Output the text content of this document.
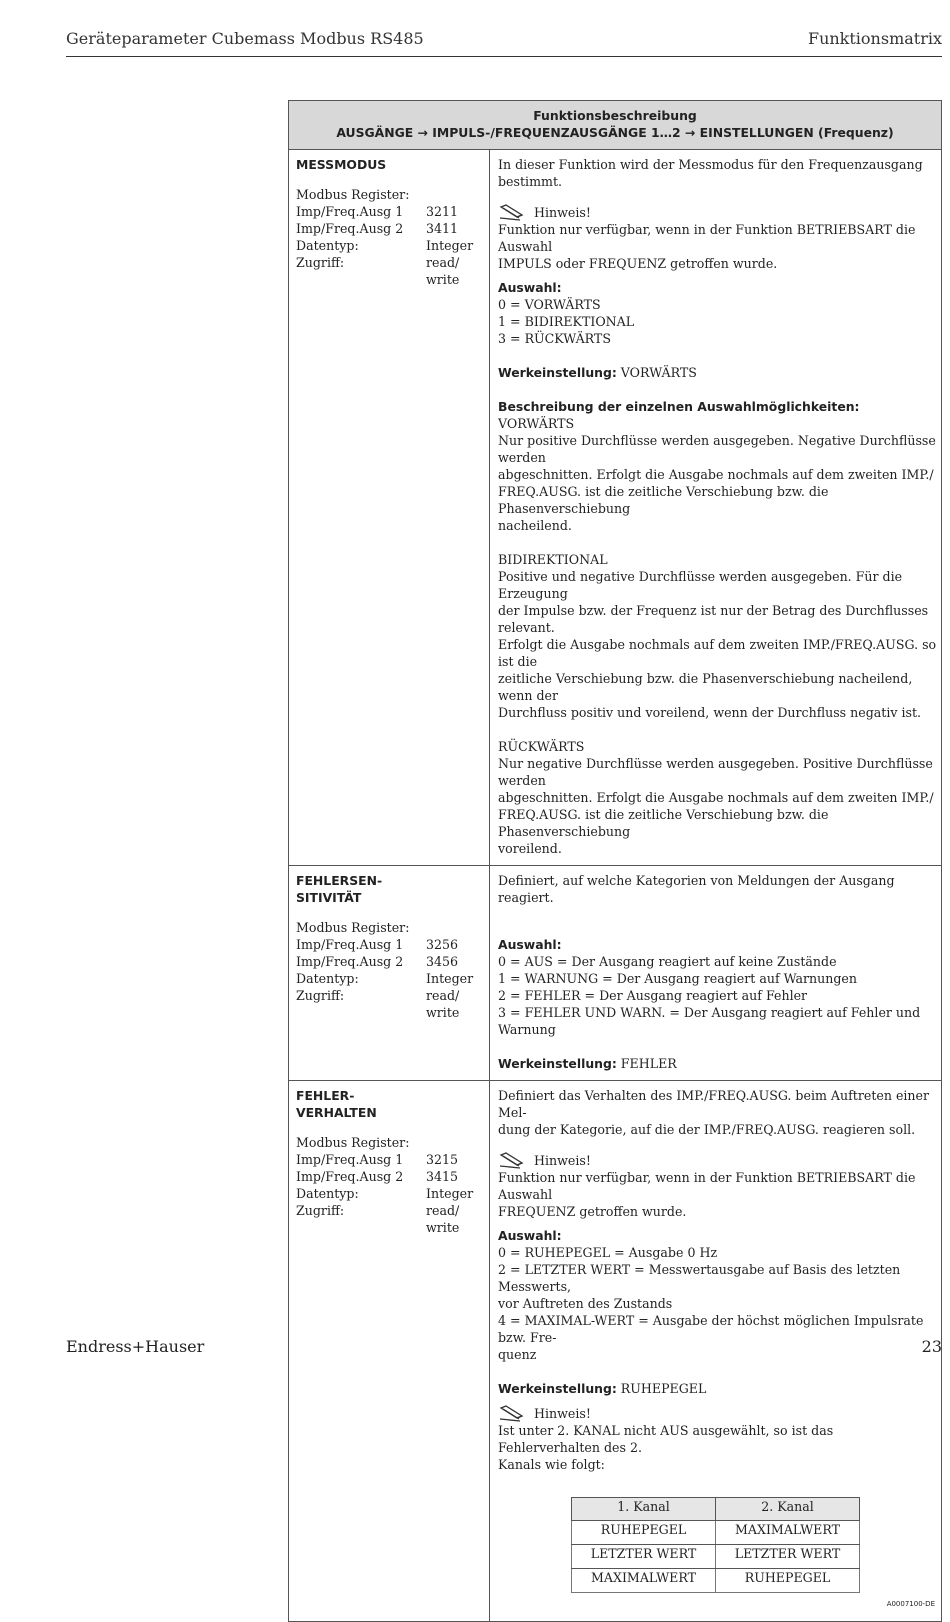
Geräteparameter Cubemass Modbus RS485	Funktionsmatrix
Funktionsbeschreibung
AUSGÄNGE → IMPULS-/FREQUENZAUSGÄNGE 1…2 → EINSTELLUNGEN (Frequenz)

MESSMODUS
Modbus Register:
Imp/Freq.Ausg 1	3211
Imp/Freq.Ausg 2	3411
Datentyp:	Integer
Zugriff:	read/
write

In dieser Funktion wird der Messmodus für den Frequenzausgang bestimmt.

Hinweis!
Funktion nur verfügbar, wenn in der Funktion BETRIEBSART die Auswahl
IMPULS oder FREQUENZ getroffen wurde.
Auswahl:
0 = VORWÄRTS
1 = BIDIREKTIONAL
3 = RÜCKWÄRTS
Werkeinstellung: VORWÄRTS
Beschreibung der einzelnen Auswahlmöglichkeiten:
VORWÄRTS
Nur positive Durchflüsse werden ausgegeben. Negative Durchflüsse werden
abgeschnitten. Erfolgt die Ausgabe nochmals auf dem zweiten IMP./
FREQ.AUSG. ist die zeitliche Verschiebung bzw. die Phasenverschiebung
nacheilend.
BIDIREKTIONAL
Positive und negative Durchflüsse werden ausgegeben. Für die Erzeugung
der Impulse bzw. der Frequenz ist nur der Betrag des Durchflusses relevant.
Erfolgt die Ausgabe nochmals auf dem zweiten IMP./FREQ.AUSG. so ist die
zeitliche Verschiebung bzw. die Phasenverschiebung nacheilend, wenn der
Durchfluss positiv und voreilend, wenn der Durchfluss negativ ist.
RÜCKWÄRTS
Nur negative Durchflüsse werden ausgegeben. Positive Durchflüsse werden
abgeschnitten. Erfolgt die Ausgabe nochmals auf dem zweiten IMP./
FREQ.AUSG. ist die zeitliche Verschiebung bzw. die Phasenverschiebung
voreilend.

FEHLERSEN-
SITIVITÄT
Modbus Register:
Imp/Freq.Ausg 1	3256
Imp/Freq.Ausg 2	3456
Datentyp:	Integer
Zugriff:	read/
write

Definiert, auf welche Kategorien von Meldungen der Ausgang reagiert.

Auswahl:
0 = AUS = Der Ausgang reagiert auf keine Zustände
1 = WARNUNG = Der Ausgang reagiert auf Warnungen
2 = FEHLER = Der Ausgang reagiert auf Fehler
3 = FEHLER UND WARN. = Der Ausgang reagiert auf Fehler und Warnung
Werkeinstellung: FEHLER

FEHLER-
VERHALTEN
Modbus Register:
Imp/Freq.Ausg 1	3215
Imp/Freq.Ausg 2	3415
Datentyp:	Integer
Zugriff:	read/
write

Definiert das Verhalten des IMP./FREQ.AUSG. beim Auftreten einer Mel-
dung der Kategorie, auf die der IMP./FREQ.AUSG. reagieren soll.
Hinweis!
Funktion nur verfügbar, wenn in der Funktion BETRIEBSART die Auswahl
FREQUENZ getroffen wurde.
Auswahl:
0 = RUHEPEGEL = Ausgabe 0 Hz
2 = LETZTER WERT = Messwertausgabe auf Basis des letzten Messwerts,
vor Auftreten des Zustands
4 = MAXIMAL-WERT = Ausgabe der höchst möglichen Impulsrate bzw. Fre-
quenz
Werkeinstellung: RUHEPEGEL
Hinweis!
Ist unter 2. KANAL nicht AUS ausgewählt, so ist das Fehlerverhalten des 2.
Kanals wie folgt:
1. Kanal	2. Kanal
RUHEPEGEL	MAXIMALWERT
LETZTER WERT	LETZTER WERT
MAXIMALWERT	RUHEPEGEL
A0007100-DE
Endress+Hauser	23
